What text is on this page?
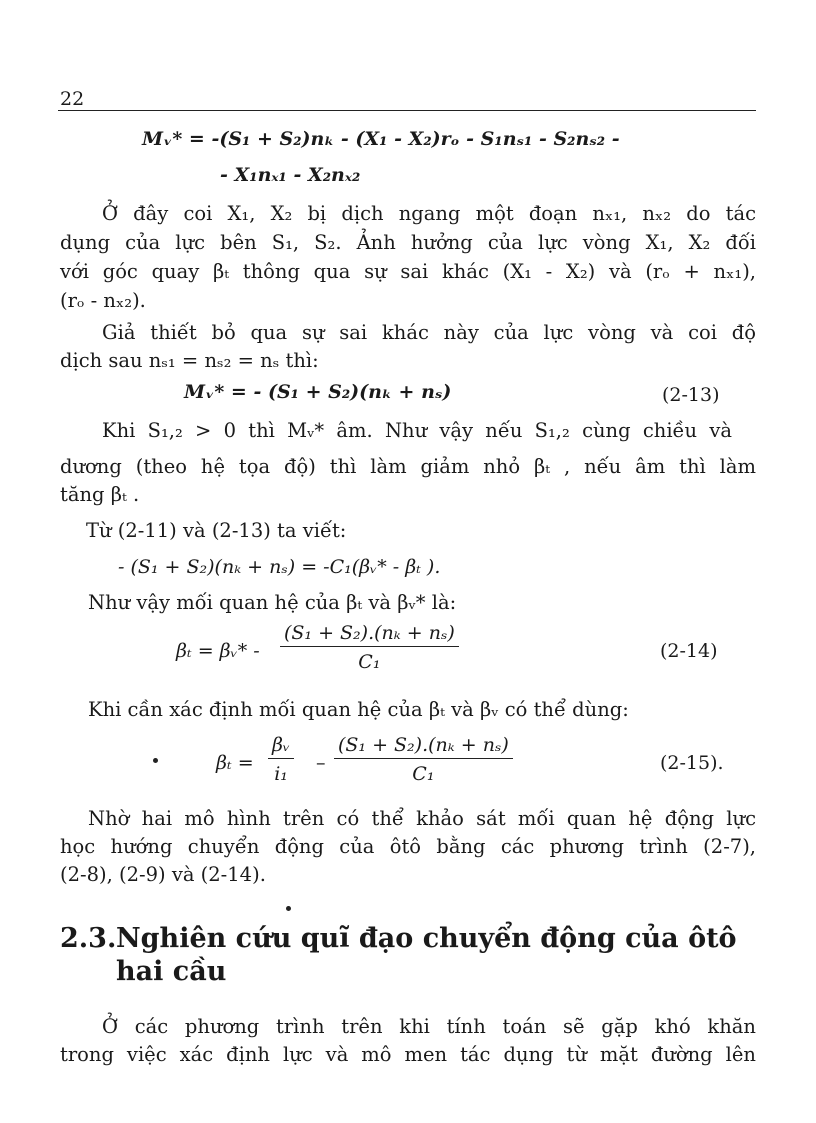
22
Mᵥ* = -(S₁ + S₂)nₖ - (X₁ - X₂)rₒ - S₁nₛ₁ - S₂nₛ₂ -
- X₁nₓ₁ - X₂nₓ₂
Ở đây coi X₁, X₂ bị dịch ngang một đoạn nₓ₁, nₓ₂ do tác
dụng của lực bên S₁, S₂. Ảnh hưởng của lực vòng X₁, X₂ đối
với góc quay βₜ thông qua sự sai khác (X₁ - X₂) và (rₒ + nₓ₁),
(rₒ - nₓ₂).
Giả thiết bỏ qua sự sai khác này của lực vòng và coi độ
dịch sau nₛ₁ = nₛ₂ = nₛ thì:
Mᵥ* = - (S₁ + S₂)(nₖ + nₛ)	(2-13)
Khi S₁,₂ > 0 thì Mᵥ* âm. Như vậy nếu S₁,₂ cùng chiều và
dương (theo hệ tọa độ) thì làm giảm nhỏ βₜ , nếu âm thì làm
tăng βₜ .
Từ (2-11) và (2-13) ta viết:
- (S₁ + S₂)(nₖ + nₛ) = -C₁(βᵥ* - βₜ ).
Như vậy mối quan hệ của βₜ và βᵥ* là:
βₜ = βᵥ* - $\frac{\text{(S₁ + S₂).(nₖ + nₛ)}}{\text{C₁}}$	(2-14)
Khi cần xác định mối quan hệ của βₜ và βᵥ có thể dùng:
$\beta_t = \frac{\text{βᵥ}}{\text{i₁}} - \frac{\text{(S₁ + S₂).(nₖ + nₛ)}}{\text{C₁}}$	(2-15).
Nhờ hai mô hình trên có thể khảo sát mối quan hệ động lực
học hướng chuyển động của ôtô bằng các phương trình (2-7),
(2-8), (2-9) và (2-14).
2.3.Nghiên cứu quĩ đạo chuyển động của ôtô
hai cầu
Ở các phương trình trên khi tính toán sẽ gặp khó khăn
trong việc xác định lực và mô men tác dụng từ mặt đường lên
